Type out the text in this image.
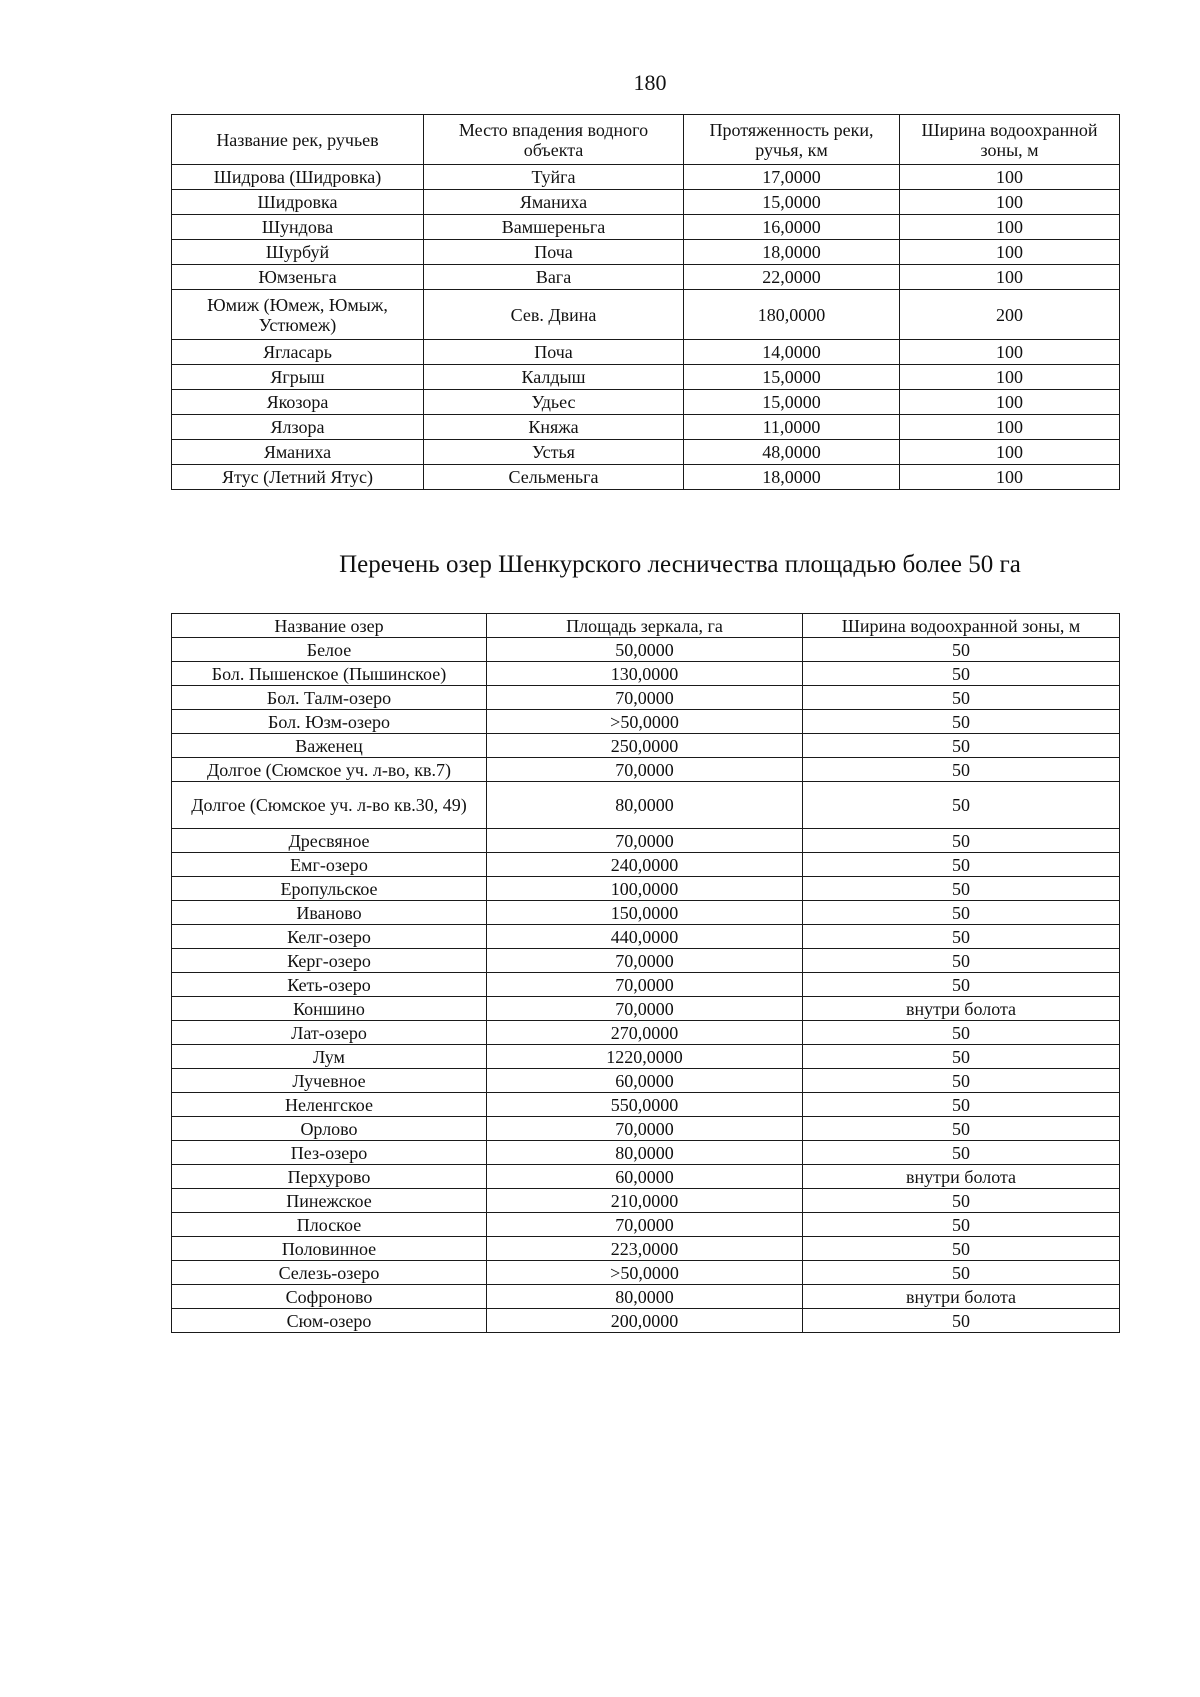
180
Название рек, ручьев	Место впадения водного объекта	Протяженность реки, ручья, км	Ширина водоохранной зоны, м
Шидрова (Шидровка)	Туйга	17,0000	100
Шидровка	Яманиха	15,0000	100
Шундова	Вамшереньга	16,0000	100
Шурбуй	Поча	18,0000	100
Юмзеньга	Вага	22,0000	100
Юмиж (Юмеж, Юмыж, Устюмеж)	Сев. Двина	180,0000	200
Ягласарь	Поча	14,0000	100
Ягрыш	Калдыш	15,0000	100
Якозора	Удьес	15,0000	100
Ялзора	Княжа	11,0000	100
Яманиха	Устья	48,0000	100
Ятус (Летний Ятус)	Сельменьга	18,0000	100
Перечень озер Шенкурского лесничества площадью более 50 га
Название озер	Площадь зеркала, га	Ширина водоохранной зоны, м
Белое	50,0000	50
Бол. Пышенское (Пышинское)	130,0000	50
Бол. Талм-озеро	70,0000	50
Бол. Юзм-озеро	>50,0000	50
Важенец	250,0000	50
Долгое (Сюмское уч. л-во, кв.7)	70,0000	50
Долгое (Сюмское уч. л-во кв.30, 49)	80,0000	50
Дресвяное	70,0000	50
Емг-озеро	240,0000	50
Еропульское	100,0000	50
Иваново	150,0000	50
Келг-озеро	440,0000	50
Керг-озеро	70,0000	50
Кеть-озеро	70,0000	50
Коншино	70,0000	внутри болота
Лат-озеро	270,0000	50
Лум	1220,0000	50
Лучевное	60,0000	50
Неленгское	550,0000	50
Орлово	70,0000	50
Пез-озеро	80,0000	50
Перхурово	60,0000	внутри болота
Пинежское	210,0000	50
Плоское	70,0000	50
Половинное	223,0000	50
Селезь-озеро	>50,0000	50
Софроново	80,0000	внутри болота
Сюм-озеро	200,0000	50
